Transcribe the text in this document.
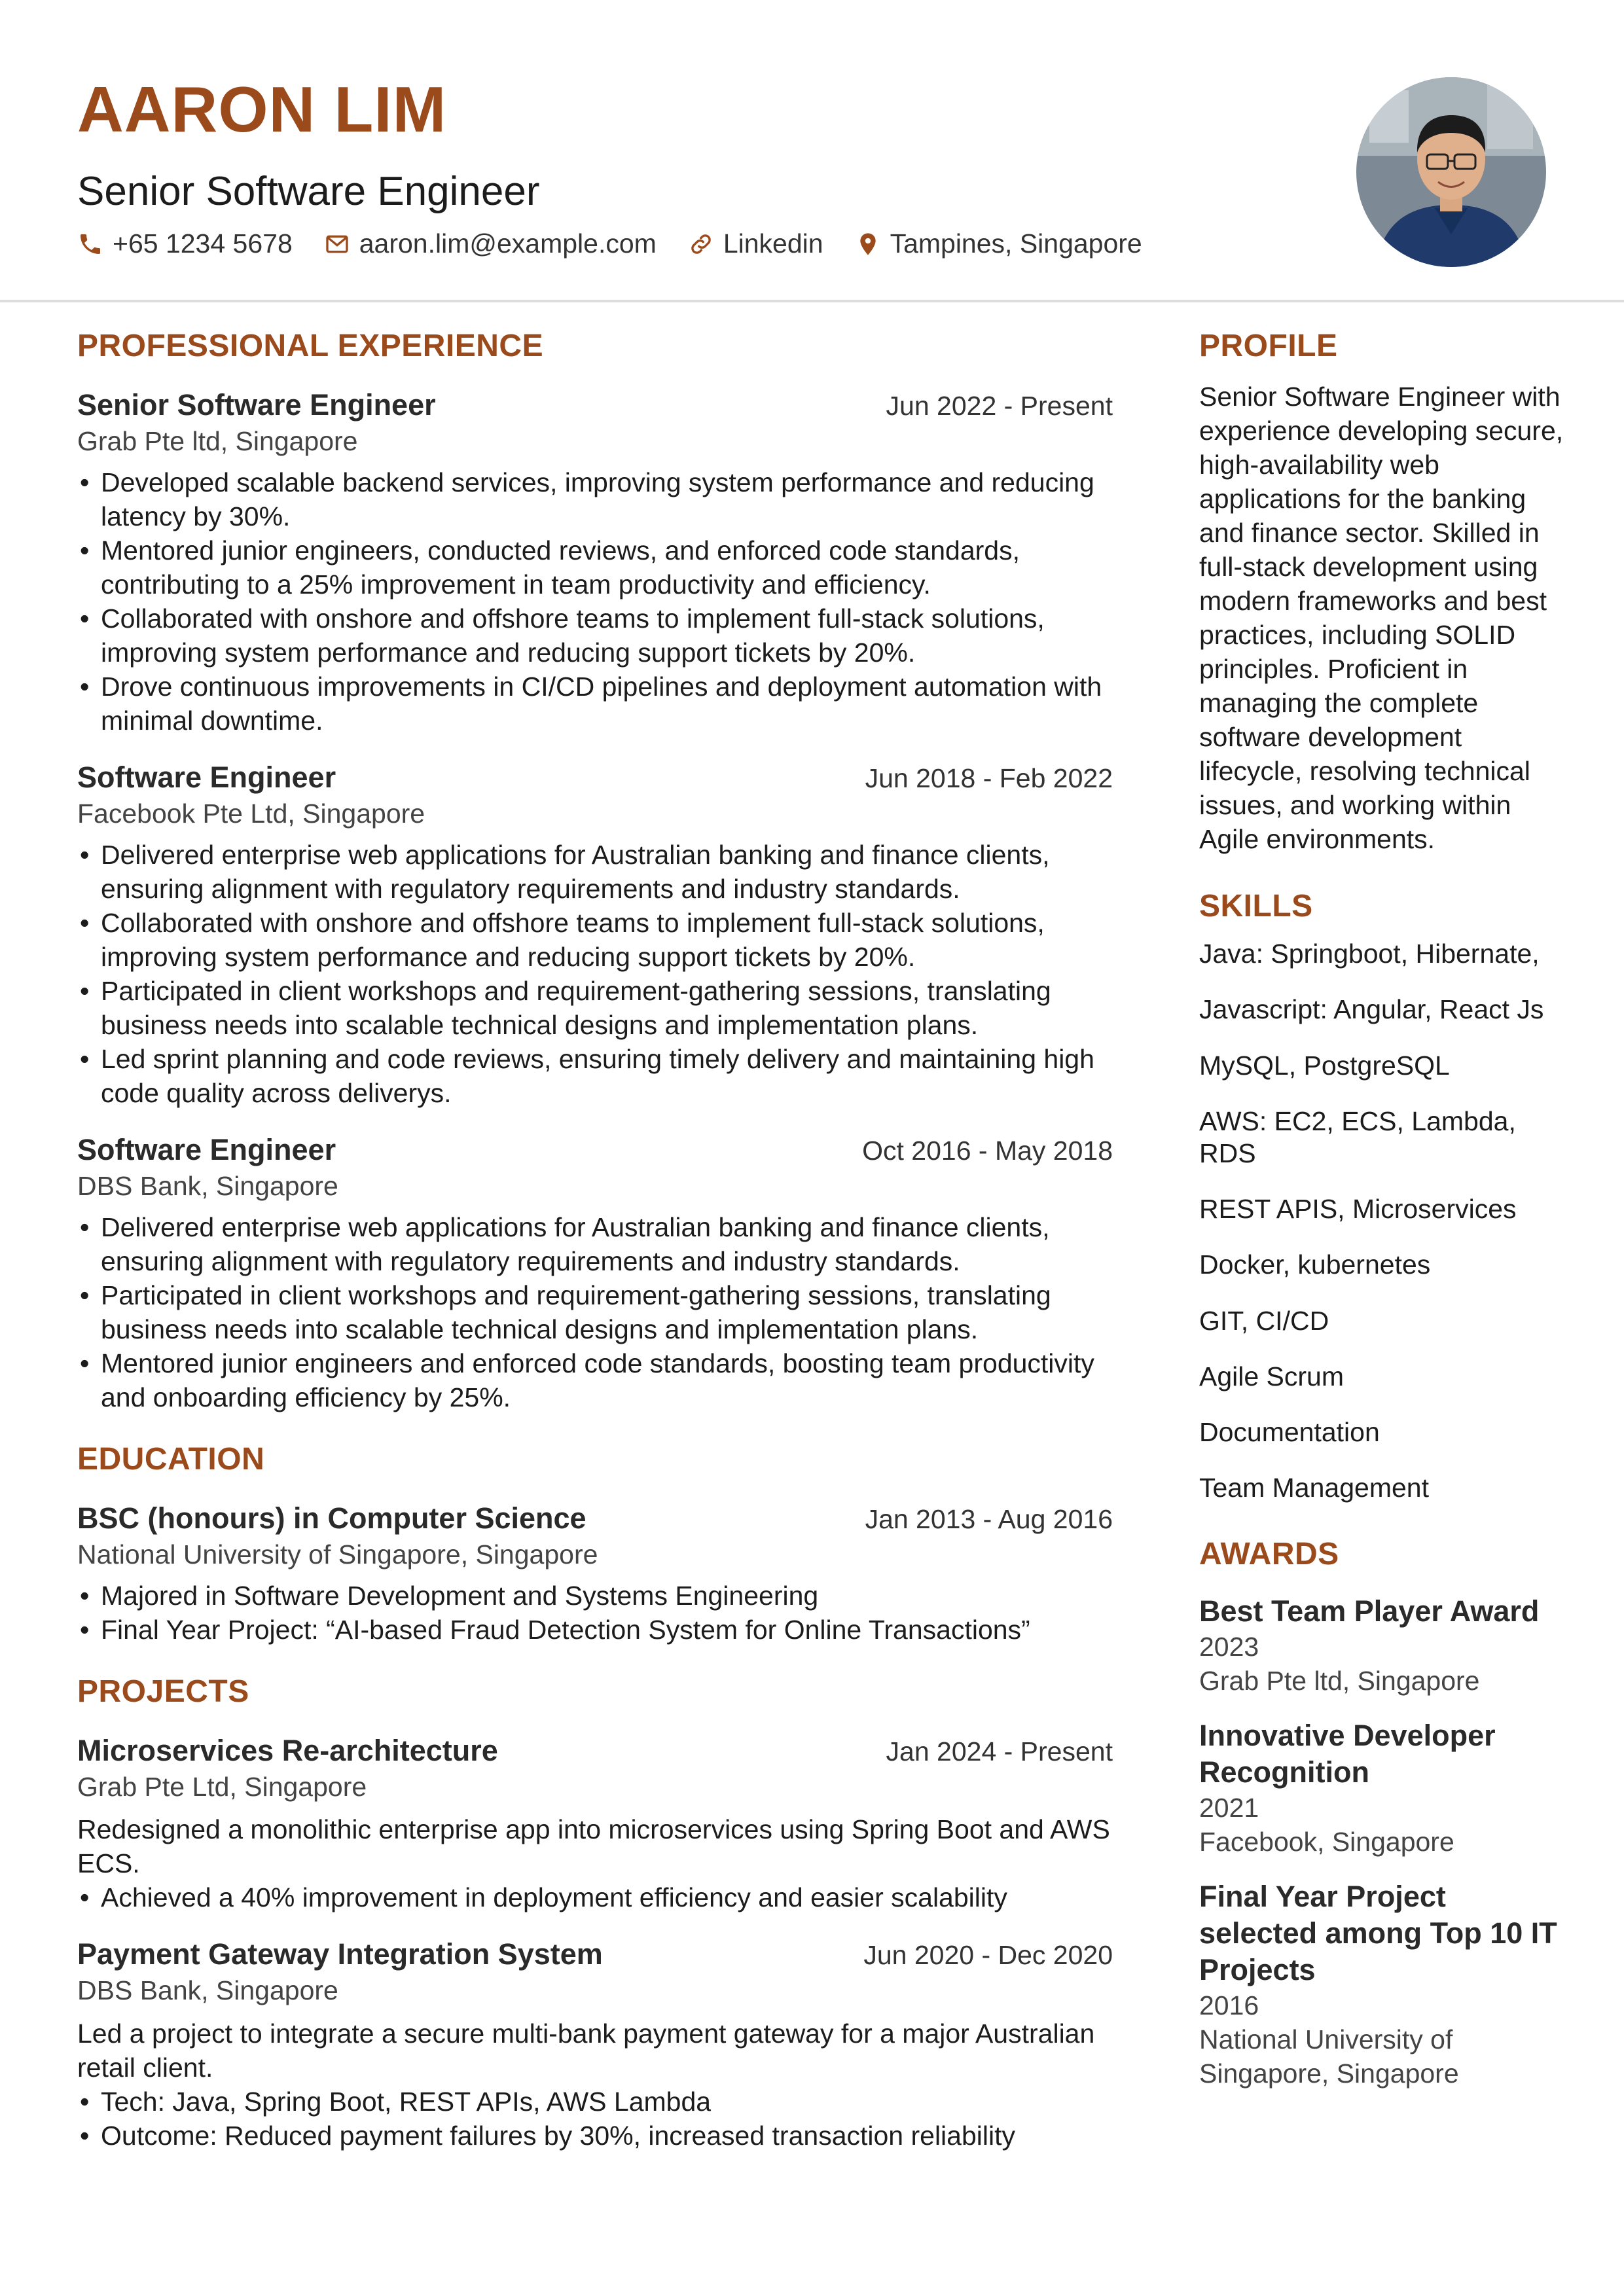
AARON LIM
Senior Software Engineer
+65 1234 5678 aaron.lim@example.com Linkedin Tampines, Singapore
PROFESSIONAL EXPERIENCE
Senior Software Engineer	Jun 2022 - Present
Grab Pte ltd, Singapore
• Developed scalable backend services, improving system performance and reducing latency by 30%.
• Mentored junior engineers, conducted reviews, and enforced code standards, contributing to a 25% improvement in team productivity and efficiency.
• Collaborated with onshore and offshore teams to implement full-stack solutions, improving system performance and reducing support tickets by 20%.
• Drove continuous improvements in CI/CD pipelines and deployment automation with minimal downtime.
Software Engineer	Jun 2018 - Feb 2022
Facebook Pte Ltd, Singapore
• Delivered enterprise web applications for Australian banking and finance clients, ensuring alignment with regulatory requirements and industry standards.
• Collaborated with onshore and offshore teams to implement full-stack solutions, improving system performance and reducing support tickets by 20%.
• Participated in client workshops and requirement-gathering sessions, translating business needs into scalable technical designs and implementation plans.
• Led sprint planning and code reviews, ensuring timely delivery and maintaining high code quality across deliverys.
Software Engineer	Oct 2016 - May 2018
DBS Bank, Singapore
• Delivered enterprise web applications for Australian banking and finance clients, ensuring alignment with regulatory requirements and industry standards.
• Participated in client workshops and requirement-gathering sessions, translating business needs into scalable technical designs and implementation plans.
• Mentored junior engineers and enforced code standards, boosting team productivity and onboarding efficiency by 25%.
EDUCATION
BSC (honours) in Computer Science	Jan 2013 - Aug 2016
National University of Singapore, Singapore
• Majored in Software Development and Systems Engineering
• Final Year Project: “AI-based Fraud Detection System for Online Transactions”
PROJECTS
Microservices Re-architecture	Jan 2024 - Present
Grab Pte Ltd, Singapore
Redesigned a monolithic enterprise app into microservices using Spring Boot and AWS ECS.
• Achieved a 40% improvement in deployment efficiency and easier scalability
Payment Gateway Integration System	Jun 2020 - Dec 2020
DBS Bank, Singapore
Led a project to integrate a secure multi-bank payment gateway for a major Australian retail client.
• Tech: Java, Spring Boot, REST APIs, AWS Lambda
• Outcome: Reduced payment failures by 30%, increased transaction reliability
PROFILE
Senior Software Engineer with experience developing secure, high-availability web applications for the banking and finance sector. Skilled in full-stack development using modern frameworks and best practices, including SOLID principles. Proficient in managing the complete software development lifecycle, resolving technical issues, and working within Agile environments.
SKILLS
Java: Springboot, Hibernate,
Javascript: Angular, React Js
MySQL, PostgreSQL
AWS: EC2, ECS, Lambda, RDS
REST APIS, Microservices
Docker, kubernetes
GIT, CI/CD
Agile Scrum
Documentation
Team Management
AWARDS
Best Team Player Award
2023
Grab Pte ltd, Singapore
Innovative Developer Recognition
2021
Facebook, Singapore
Final Year Project selected among Top 10 IT Projects
2016
National University of Singapore, Singapore
